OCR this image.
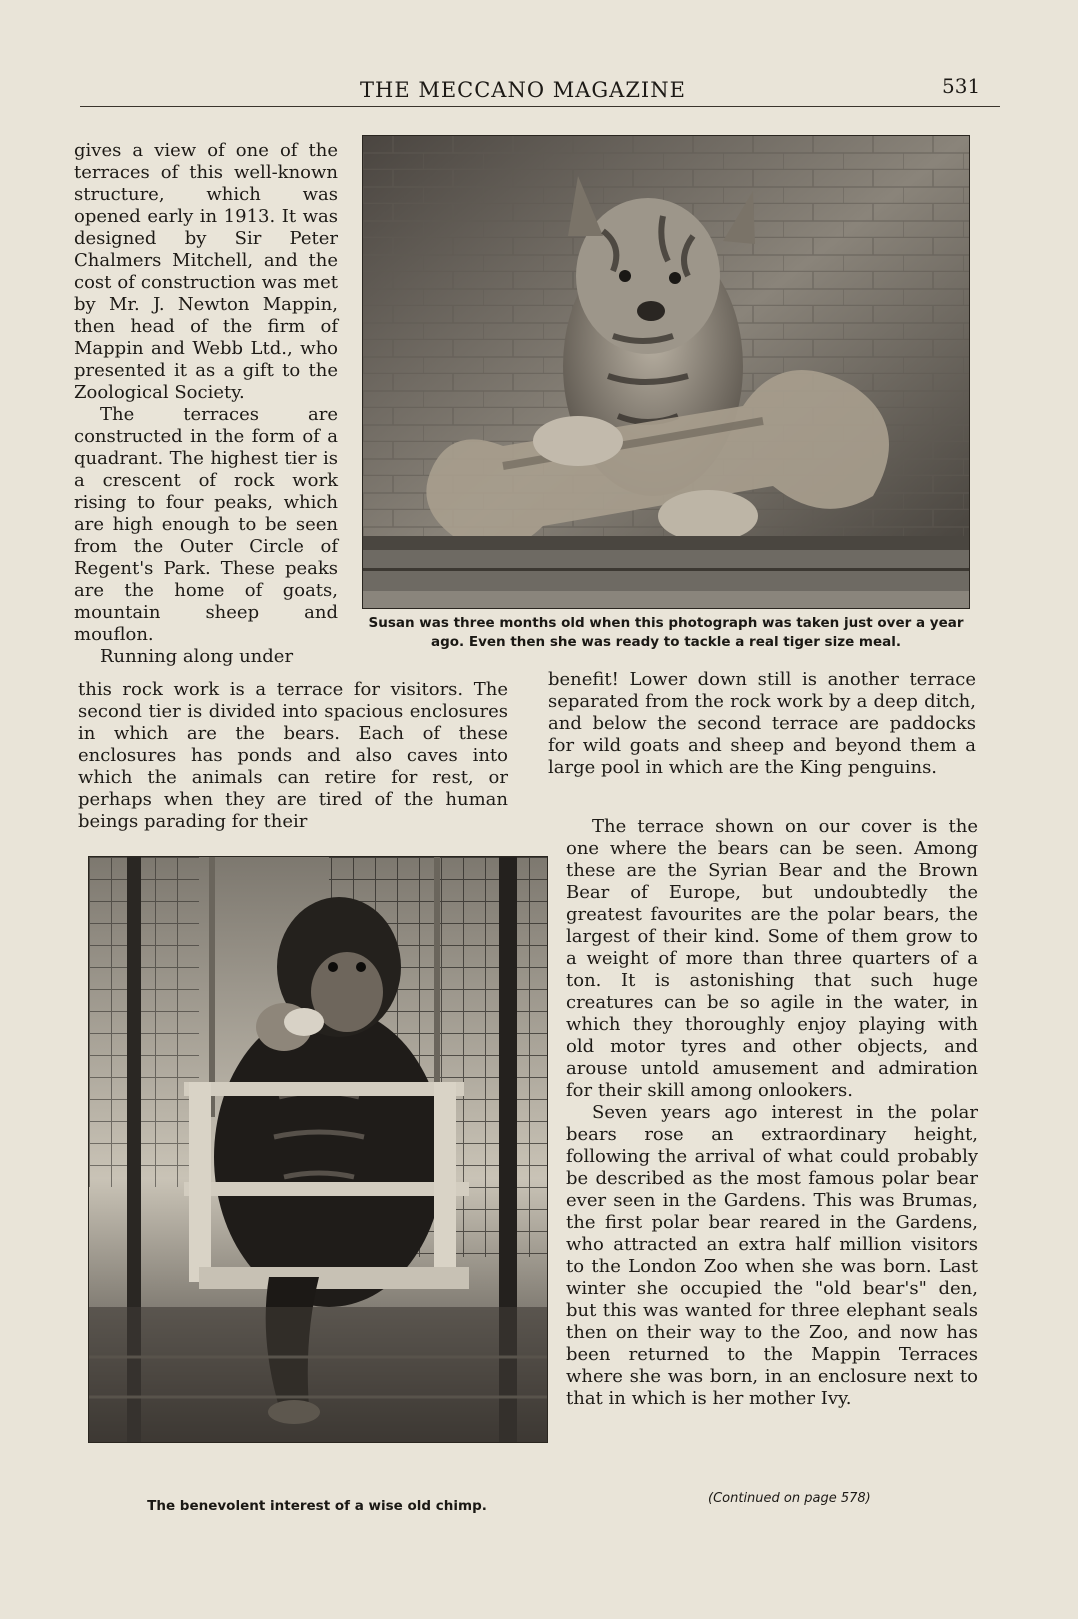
THE MECCANO MAGAZINE	531

gives a view of one of the terraces of this well-known structure, which was opened early in 1913. It was designed by Sir Peter Chalmers Mitchell, and the cost of construction was met by Mr. J. Newton Mappin, then head of the firm of Mappin and Webb Ltd., who presented it as a gift to the Zoological Society.

The terraces are constructed in the form of a quadrant. The highest tier is a crescent of rock work rising to four peaks, which are high enough to be seen from the Outer Circle of Regent's Park. These peaks are the home of goats, mountain sheep and mouflon.

Running along under

Susan was three months old when this photograph was taken just over a year ago. Even then she was ready to tackle a real tiger size meal.

this rock work is a terrace for visitors. The second tier is divided into spacious enclosures in which are the bears. Each of these enclosures has ponds and also caves into which the animals can retire for rest, or perhaps when they are tired of the human beings parading for their

The benevolent interest of a wise old chimp.

benefit! Lower down still is another terrace separated from the rock work by a deep ditch, and below the second terrace are paddocks for wild goats and sheep and beyond them a large pool in which are the King penguins.

The terrace shown on our cover is the one where the bears can be seen. Among these are the Syrian Bear and the Brown Bear of Europe, but undoubtedly the greatest favourites are the polar bears, the largest of their kind. Some of them grow to a weight of more than three quarters of a ton. It is astonishing that such huge creatures can be so agile in the water, in which they thoroughly enjoy playing with old motor tyres and other objects, and arouse untold amusement and admiration for their skill among onlookers.

Seven years ago interest in the polar bears rose an extraordinary height, following the arrival of what could probably be described as the most famous polar bear ever seen in the Gardens. This was Brumas, the first polar bear reared in the Gardens, who attracted an extra half million visitors to the London Zoo when she was born. Last winter she occupied the "old bear's" den, but this was wanted for three elephant seals then on their way to the Zoo, and now has been returned to the Mappin Terraces where she was born, in an enclosure next to that in which is her mother Ivy.

(Continued on page 578)
